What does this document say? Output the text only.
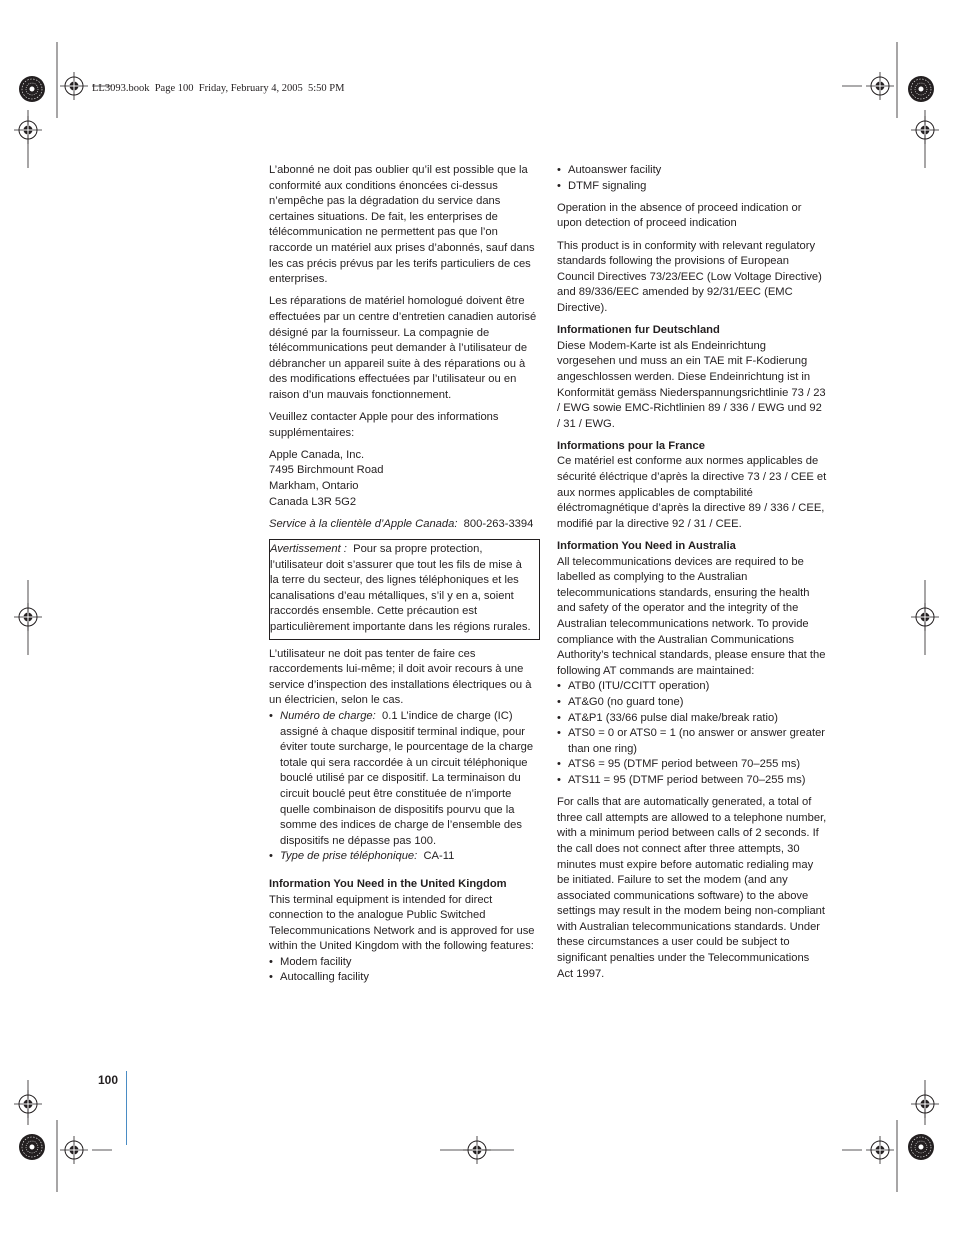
LL3093.book  Page 100  Friday, February 4, 2005  5:50 PM

L’abonné ne doit pas oublier qu’il est possible que la conformité aux conditions énoncées ci-dessus n’empêche pas la dégradation du service dans certaines situations. De fait, les enterprises de télécommunication ne permettent pas que l’on raccorde un matériel aux prises d’abonnés, sauf dans les cas précis prévus par les terifs particuliers de ces enterprises.

Les réparations de matériel homologué doivent être effectuées par un centre d’entretien canadien autorisé désigné par la fournisseur. La compagnie de télécommunications peut demander à l’utilisateur de débrancher un appareil suite à des réparations ou à des modifications effectuées par l’utilisateur ou en raison d’un mauvais fonctionnement.

Veuillez contacter Apple pour des informations supplémentaires:

Apple Canada, Inc.
7495 Birchmount Road
Markham, Ontario
Canada L3R 5G2

Service à la clientèle d’Apple Canada: 800-263-3394

Avertissement : Pour sa propre protection, l’utilisateur doit s’assurer que tout les fils de mise à la terre du secteur, des lignes téléphoniques et les canalisations d’eau métalliques, s’il y en a, soient raccordés ensemble. Cette précaution est particulièrement importante dans les régions rurales.

L’utilisateur ne doit pas tenter de faire ces raccordements lui-même; il doit avoir recours à une service d’inspection des installations électriques ou à un électricien, selon le cas.

• Numéro de charge: 0.1 L’indice de charge (IC) assigné à chaque dispositif terminal indique, pour éviter toute surcharge, le pourcentage de la charge totale qui sera raccordée à un circuit téléphonique bouclé utilisé par ce dispositif. La terminaison du circuit bouclé peut être constituée de n’importe quelle combinaison de dispositifs pourvu que la somme des indices de charge de l’ensemble des dispositifs ne dépasse pas 100.
• Type de prise téléphonique: CA-11
Information You Need in the United Kingdom

This terminal equipment is intended for direct connection to the analogue Public Switched Telecommunications Network and is approved for use within the United Kingdom with the following features:

• Modem facility
• Autocalling facility
• Autoanswer facility
• DTMF signaling

Operation in the absence of proceed indication or upon detection of proceed indication

This product is in conformity with relevant regulatory standards following the provisions of European Council Directives 73/23/EEC (Low Voltage Directive) and 89/336/EEC amended by 92/31/EEC (EMC Directive).

Informationen fur Deutschland

Diese Modem-Karte ist als Endeinrichtung vorgesehen und muss an ein TAE mit F-Kodierung angeschlossen werden. Diese Endeinrichtung ist in Konformität gemäss Niederspannungsrichtlinie 73 / 23 / EWG sowie EMC-Richtlinien 89 / 336 / EWG und 92 / 31 / EWG.

Informations pour la France

Ce matériel est conforme aux normes applicables de sécurité éléctrique d’après la directive 73 / 23 / CEE et aux normes applicables de comptabilité éléctromagnétique d’après la directive 89 / 336 / CEE, modifié par la directive 92 / 31 / CEE.

Information You Need in Australia

All telecommunications devices are required to be labelled as complying to the Australian telecommunications standards, ensuring the health and safety of the operator and the integrity of the Australian telecommunications network. To provide compliance with the Australian Communications Authority’s technical standards, please ensure that the following AT commands are maintained:

• ATB0 (ITU/CCITT operation)
• AT&G0 (no guard tone)
• AT&P1 (33/66 pulse dial make/break ratio)
• ATS0 = 0 or ATS0 = 1 (no answer or answer greater than one ring)
• ATS6 = 95 (DTMF period between 70–255 ms)
• ATS11 = 95 (DTMF period between 70–255 ms)

For calls that are automatically generated, a total of three call attempts are allowed to a telephone number, with a minimum period between calls of 2 seconds. If the call does not connect after three attempts, 30 minutes must expire before automatic redialing may be initiated. Failure to set the modem (and any associated communications software) to the above settings may result in the modem being non-compliant with Australian telecommunications standards. Under these circumstances a user could be subject to significant penalties under the Telecommunications Act 1997.

100
